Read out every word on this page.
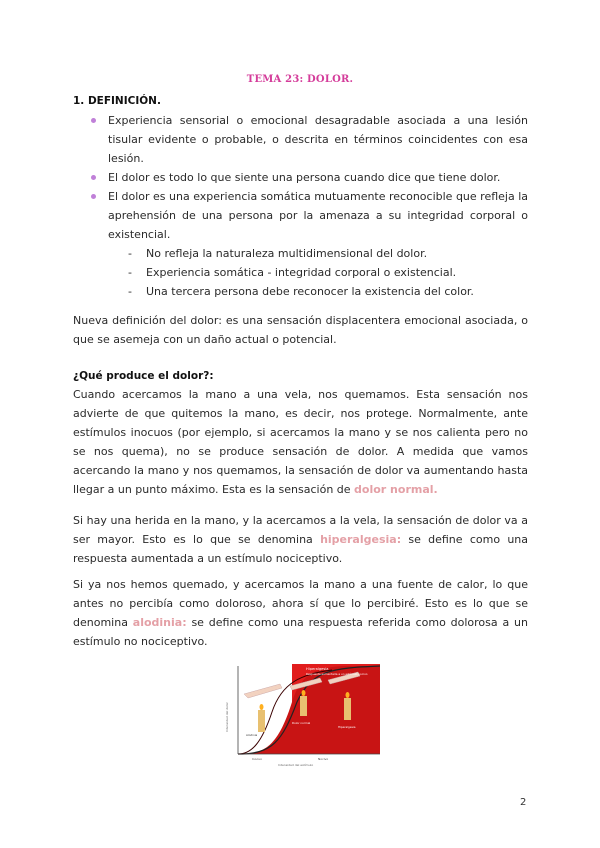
TEMA 23: DOLOR.
1. DEFINICIÓN.
Experiencia sensorial o emocional desagradable asociada a una lesión tisular evidente o probable, o descrita en términos coincidentes con esa lesión.
El dolor es todo lo que siente una persona cuando dice que tiene dolor.
El dolor es una experiencia somática mutuamente reconocible que refleja la aprehensión de una persona por la amenaza a su integridad corporal o existencial.
- No refleja la naturaleza multidimensional del dolor.
- Experiencia somática - integridad corporal o existencial.
- Una tercera persona debe reconocer la existencia del color.
Nueva definición del dolor: es una sensación displacentera emocional asociada, o que se asemeja con un daño actual o potencial.
¿Qué produce el dolor?:
Cuando acercamos la mano a una vela, nos quemamos. Esta sensación nos advierte de que quitemos la mano, es decir, nos protege. Normalmente, ante estímulos inocuos (por ejemplo, si acercamos la mano y se nos calienta pero no se nos quema), no se produce sensación de dolor. A medida que vamos acercando la mano y nos quemamos, la sensación de dolor va aumentando hasta llegar a un punto máximo. Esta es la sensación de dolor normal.
Si hay una herida en la mano, y la acercamos a la vela, la sensación de dolor va a ser mayor. Esto es lo que se denomina hiperalgesia: se define como una respuesta aumentada a un estímulo nociceptivo.
Si ya nos hemos quemado, y acercamos la mano a una fuente de calor, lo que antes no percibía como doloroso, ahora sí que lo percibiré. Esto es lo que se denomina alodinia: se define como una respuesta referida como dolorosa a un estímulo no nociceptivo.
Hiperalgesia
Respuesta aumentada a un estímulo nocivo
Intensidad del dolor
Intensidad del estímulo
Inocuo	Nocivo
Alodinia
Dolor normal
Hiperalgesia
2
